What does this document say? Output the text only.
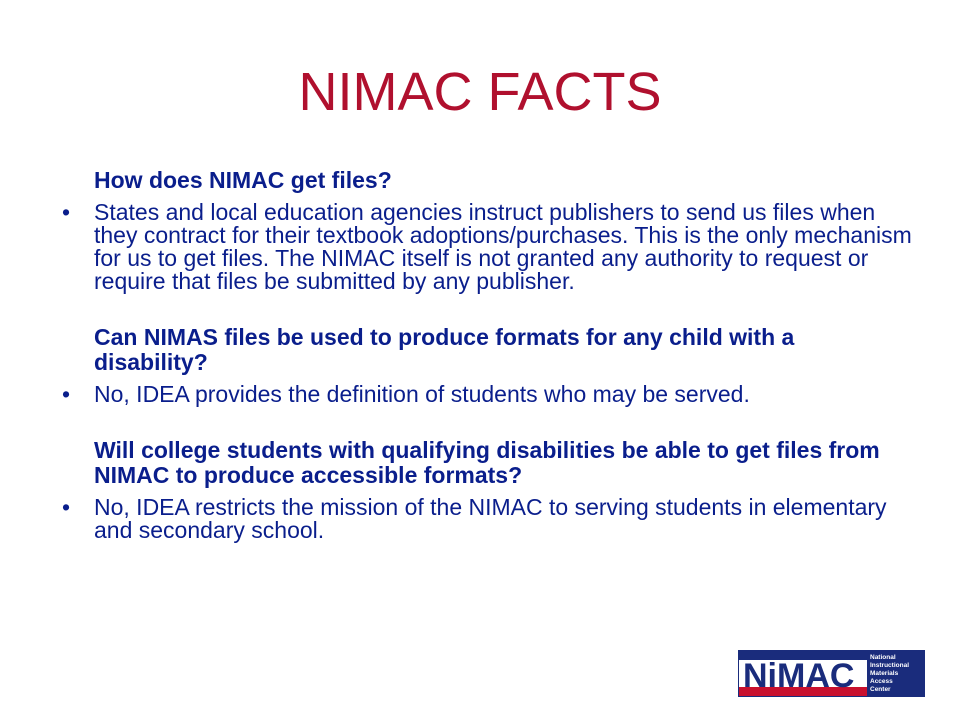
NIMAC FACTS

How does NIMAC get files?

•	States and local education agencies instruct publishers to send us files when they contract for their textbook adoptions/purchases. This is the only mechanism for us to get files. The NIMAC itself is not granted any authority to request or require that files be submitted by any publisher.

Can NIMAS files be used to produce formats for any child with a disability?

•	No, IDEA provides the definition of students who may be served.

Will college students with qualifying disabilities be able to get files from NIMAC to produce accessible formats?

•	No, IDEA restricts the mission of the NIMAC to serving students in elementary and secondary school.
NiMAC National
Instructional
Materials
Access
Center
